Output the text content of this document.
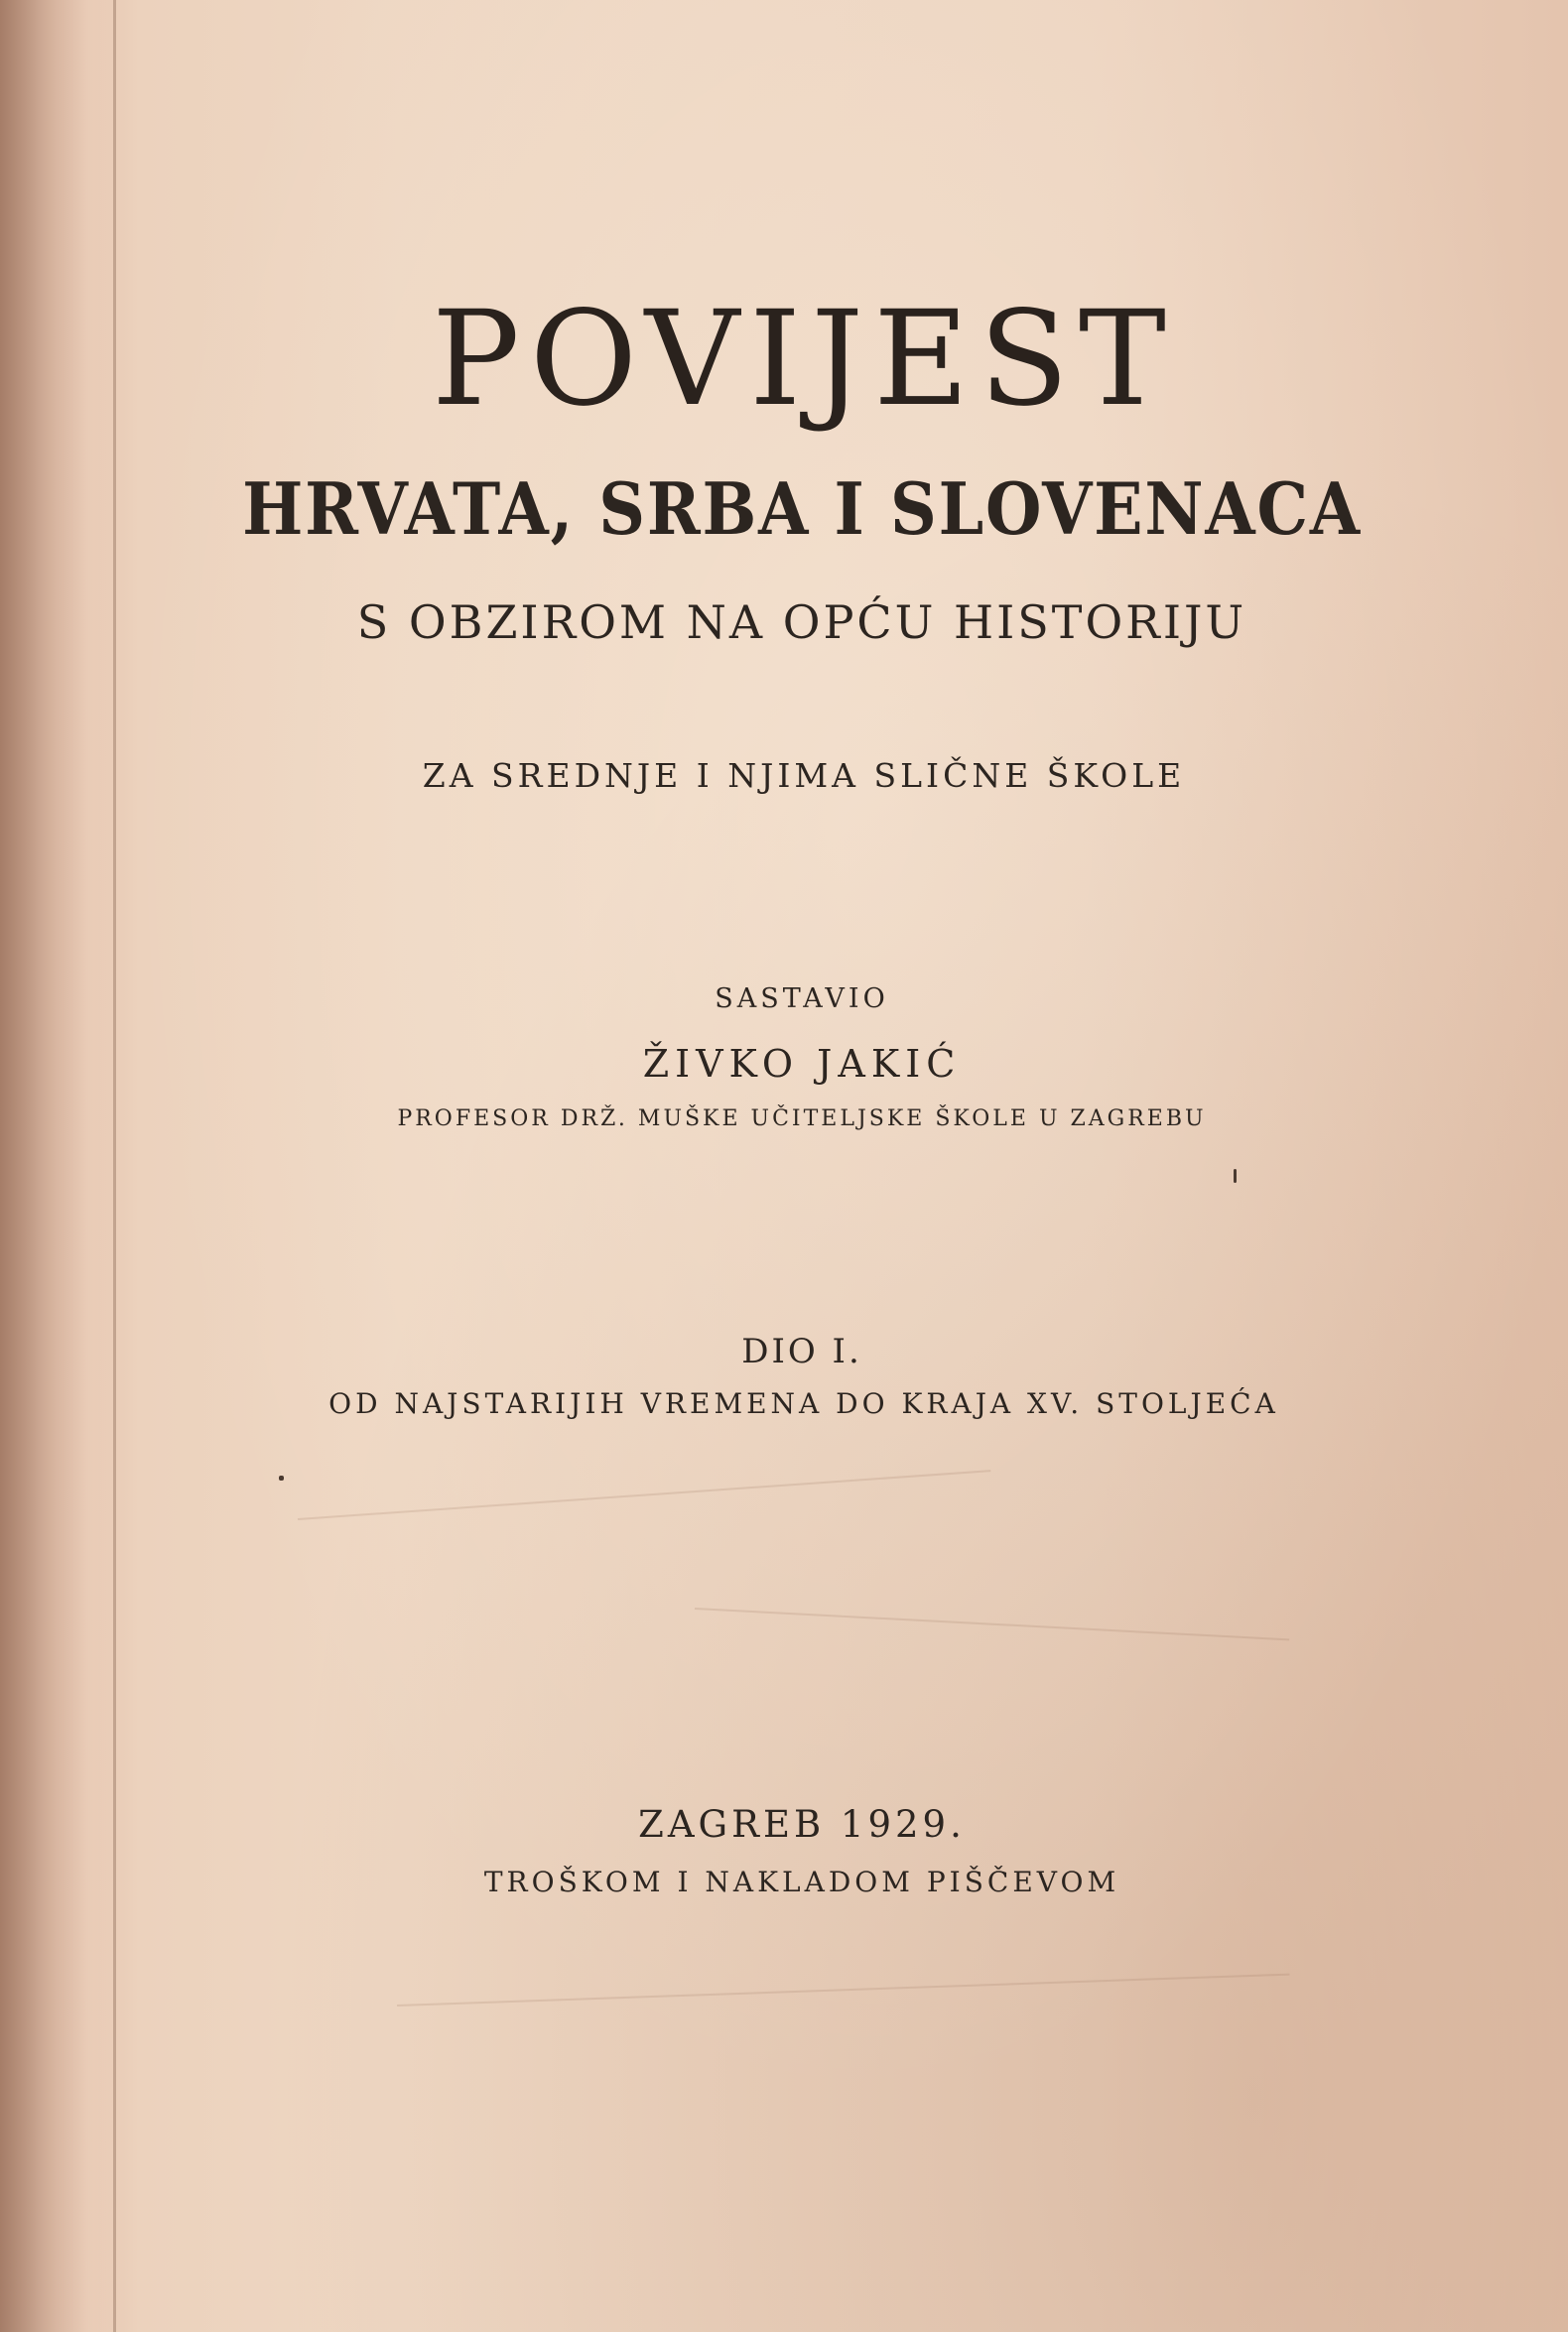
POVIJEST
HRVATA, SRBA I SLOVENACA
S OBZIROM NA OPĆU HISTORIJU
ZA SREDNJE I NJIMA SLIČNE ŠKOLE
SASTAVIO
ŽIVKO JAKIĆ
PROFESOR DRŽ. MUŠKE UČITELJSKE ŠKOLE U ZAGREBU
DIO I.
OD NAJSTARIJIH VREMENA DO KRAJA XV. STOLJEĆA
ZAGREB 1929.
TROŠKOM I NAKLADOM PIŠČEVOM
